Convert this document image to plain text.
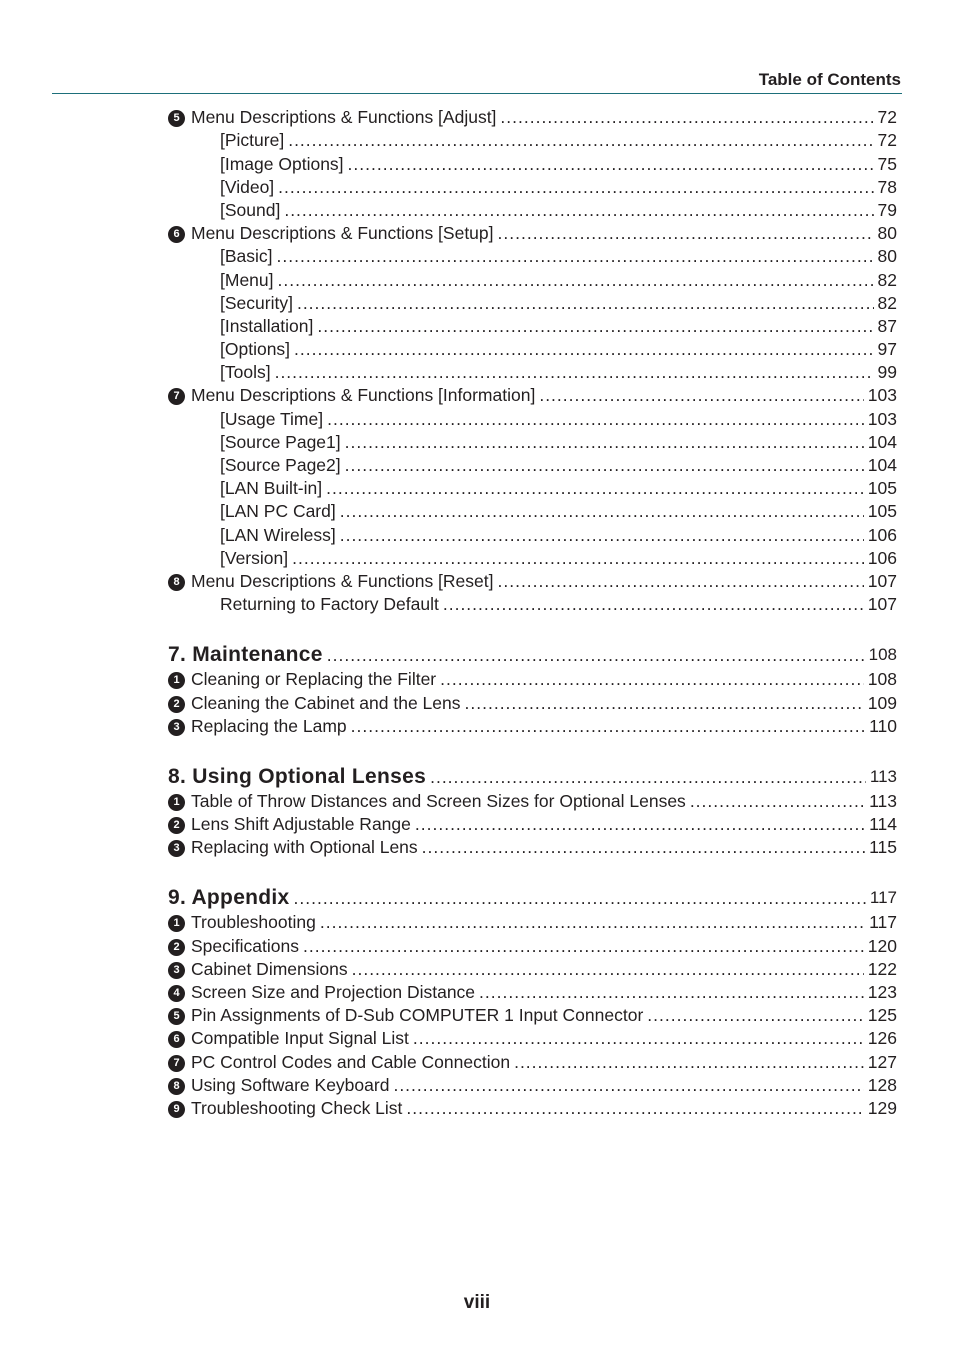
Table of Contents
5 Menu Descriptions & Functions [Adjust] .....	72
[Picture] .....	72
[Image Options] .....	75
[Video] .....	78
[Sound] .....	79
6 Menu Descriptions & Functions [Setup] .....	80
[Basic] .....	80
[Menu] .....	82
[Security] .....	82
[Installation] .....	87
[Options] .....	97
[Tools] .....	99
7 Menu Descriptions & Functions [Information] .....	103
[Usage Time] .....	103
[Source Page1] .....	104
[Source Page2] .....	104
[LAN Built-in] .....	105
[LAN PC Card] .....	105
[LAN Wireless] .....	106
[Version] .....	106
8 Menu Descriptions & Functions [Reset] .....	107
Returning to Factory Default .....	107
7. Maintenance .....	108
1 Cleaning or Replacing the Filter .....	108
2 Cleaning the Cabinet and the Lens .....	109
3 Replacing the Lamp .....	110
8. Using Optional Lenses .....	113
1 Table of Throw Distances and Screen Sizes for Optional Lenses .....	113
2 Lens Shift Adjustable Range .....	114
3 Replacing with Optional Lens .....	115
9. Appendix .....	117
1 Troubleshooting .....	117
2 Specifications .....	120
3 Cabinet Dimensions .....	122
4 Screen Size and Projection Distance .....	123
5 Pin Assignments of D-Sub COMPUTER 1 Input Connector .....	125
6 Compatible Input Signal List .....	126
7 PC Control Codes and Cable Connection .....	127
8 Using Software Keyboard .....	128
9 Troubleshooting Check List .....	129
viii
